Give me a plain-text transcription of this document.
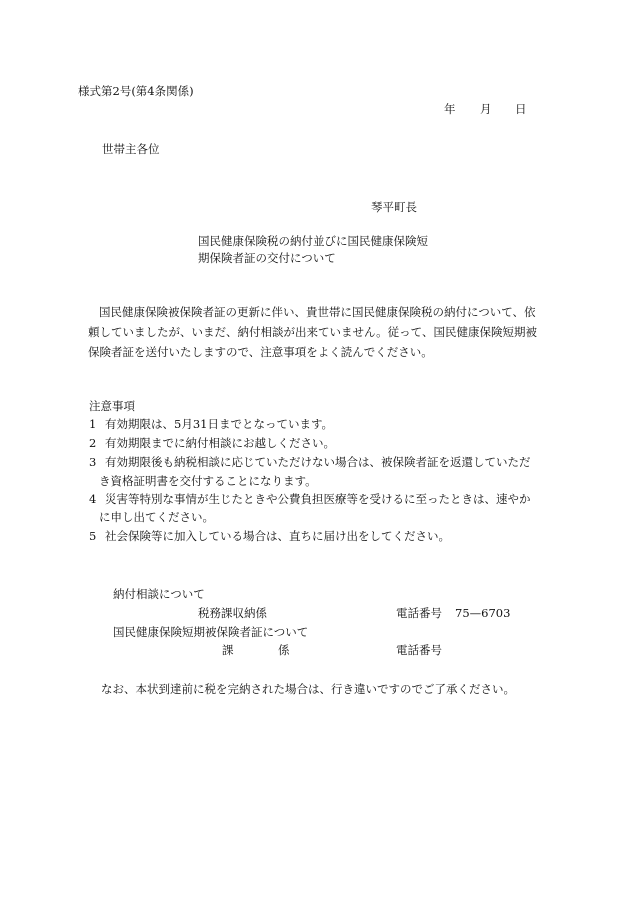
様式第2号(第4条関係)
年 月 日
世帯主各位
琴平町長
国民健康保険税の納付並びに国民健康保険短
期保険者証の交付について
国民健康保険被保険者証の更新に伴い、貴世帯に国民健康保険税の納付について、依
頼していましたが、いまだ、納付相談が出来ていません。従って、国民健康保険短期被
保険者証を送付いたしますので、注意事項をよく読んでください。
注意事項
1 有効期限は、5月31日までとなっています。
2 有効期限までに納付相談にお越しください。
3 有効期限後も納税相談に応じていただけない場合は、被保険者証を返還していただ
き資格証明書を交付することになります。
4 災害等特別な事情が生じたときや公費負担医療等を受けるに至ったときは、速やか
に申し出てください。
5 社会保険等に加入している場合は、直ちに届け出をしてください。
納付相談について
税務課収納係	電話番号 75—6703
国民健康保険短期被保険者証について
課	係	電話番号
なお、本状到達前に税を完納された場合は、行き違いですのでご了承ください。
